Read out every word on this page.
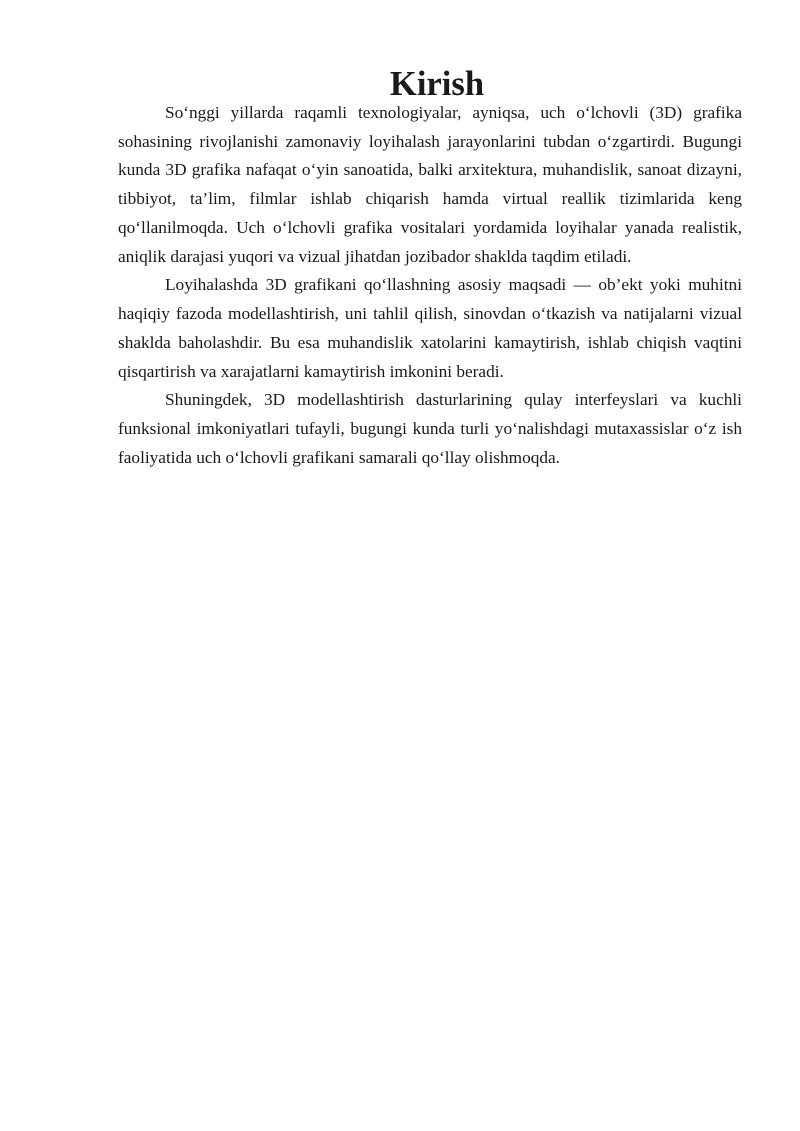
Kirish

So‘nggi yillarda raqamli texnologiyalar, ayniqsa, uch o‘lchovli (3D) grafika sohasining rivojlanishi zamonaviy loyihalash jarayonlarini tubdan o‘zgartirdi. Bugungi kunda 3D grafika nafaqat o‘yin sanoatida, balki arxitektura, muhandislik, sanoat dizayni, tibbiyot, ta’lim, filmlar ishlab chiqarish hamda virtual reallik tizimlarida keng qo‘llanilmoqda. Uch o‘lchovli grafika vositalari yordamida loyihalar yanada realistik, aniqlik darajasi yuqori va vizual jihatdan jozibador shaklda taqdim etiladi.

Loyihalashda 3D grafikani qo‘llashning asosiy maqsadi — ob’ekt yoki muhitni haqiqiy fazoda modellashtirish, uni tahlil qilish, sinovdan o‘tkazish va natijalarni vizual shaklda baholashdir. Bu esa muhandislik xatolarini kamaytirish, ishlab chiqish vaqtini qisqartirish va xarajatlarni kamaytirish imkonini beradi.

Shuningdek, 3D modellashtirish dasturlarining qulay interfeyslari va kuchli funksional imkoniyatlari tufayli, bugungi kunda turli yo‘nalishdagi mutaxassislar o‘z ish faoliyatida uch o‘lchovli grafikani samarali qo‘llay olishmoqda.
